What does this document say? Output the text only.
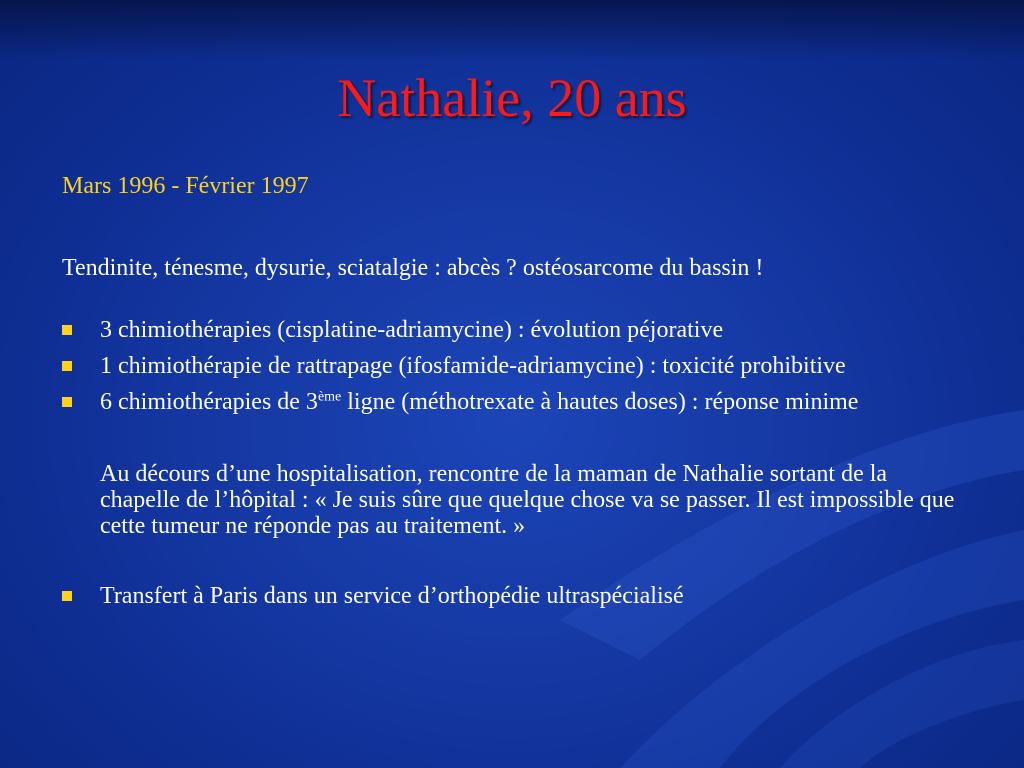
Nathalie, 20 ans
Mars 1996 - Février 1997
Tendinite, ténesme, dysurie, sciatalgie : abcès ? ostéosarcome du bassin !
3 chimiothérapies (cisplatine-adriamycine) : évolution péjorative
1 chimiothérapie de rattrapage (ifosfamide-adriamycine) : toxicité prohibitive
6 chimiothérapies de 3ème ligne (méthotrexate à hautes doses) : réponse minime
Au décours d’une hospitalisation, rencontre de la maman de Nathalie sortant de la chapelle de l’hôpital : « Je suis sûre que quelque chose va se passer. Il est impossible que cette tumeur ne réponde pas au traitement. »
Transfert à Paris dans un service d’orthopédie ultraspécialisé
